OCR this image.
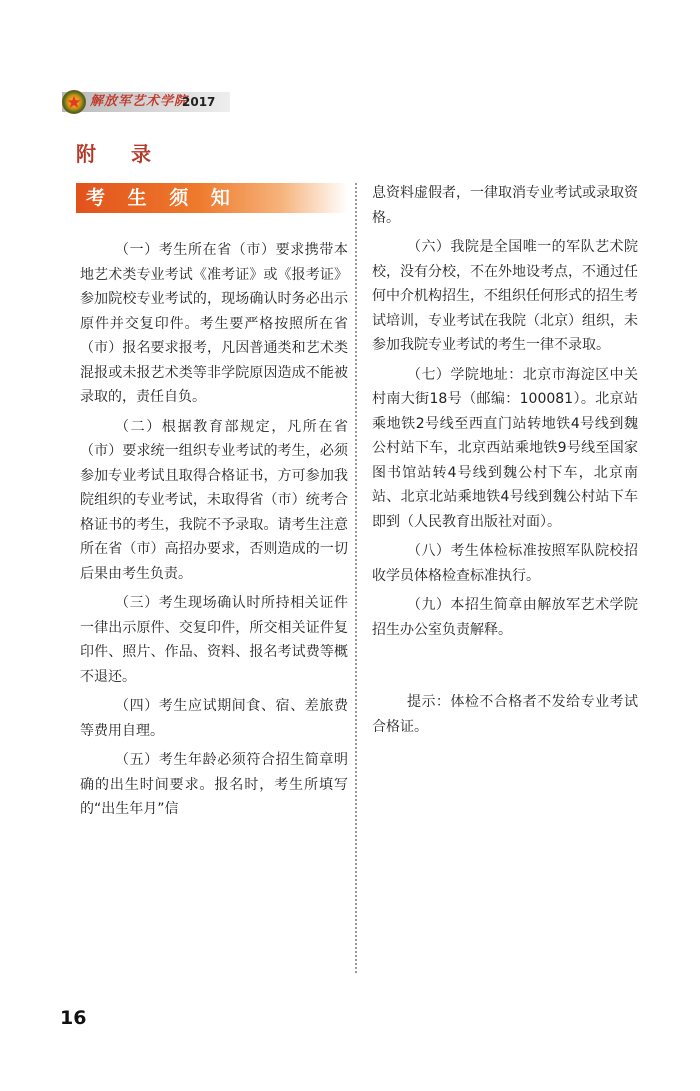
解放军艺术学院
2017
附 录
考 生 须 知

（一）考生所在省（市）要求携带本地艺术类专业考试《准考证》或《报考证》参加院校专业考试的，现场确认时务必出示原件并交复印件。考生要严格按照所在省（市）报名要求报考，凡因普通类和艺术类混报或未报艺术类等非学院原因造成不能被录取的，责任自负。

（二）根据教育部规定，凡所在省（市）要求统一组织专业考试的考生，必须参加专业考试且取得合格证书，方可参加我院组织的专业考试，未取得省（市）统考合格证书的考生，我院不予录取。请考生注意所在省（市）高招办要求，否则造成的一切后果由考生负责。

（三）考生现场确认时所持相关证件一律出示原件、交复印件，所交相关证件复印件、照片、作品、资料、报名考试费等概不退还。

（四）考生应试期间食、宿、差旅费等费用自理。

（五）考生年龄必须符合招生简章明确的出生时间要求。报名时，考生所填写的“出生年月”信

息资料虚假者，一律取消专业考试或录取资格。

（六）我院是全国唯一的军队艺术院校，没有分校，不在外地设考点，不通过任何中介机构招生，不组织任何形式的招生考试培训，专业考试在我院（北京）组织，未参加我院专业考试的考生一律不录取。

（七）学院地址：北京市海淀区中关村南大街18号（邮编：100081）。北京站乘地铁2号线至西直门站转地铁4号线到魏公村站下车，北京西站乘地铁9号线至国家图书馆站转4号线到魏公村下车，北京南站、北京北站乘地铁4号线到魏公村站下车即到（人民教育出版社对面）。

（八）考生体检标准按照军队院校招收学员体格检查标准执行。

（九）本招生简章由解放军艺术学院招生办公室负责解释。

提示：体检不合格者不发给专业考试合格证。

16
